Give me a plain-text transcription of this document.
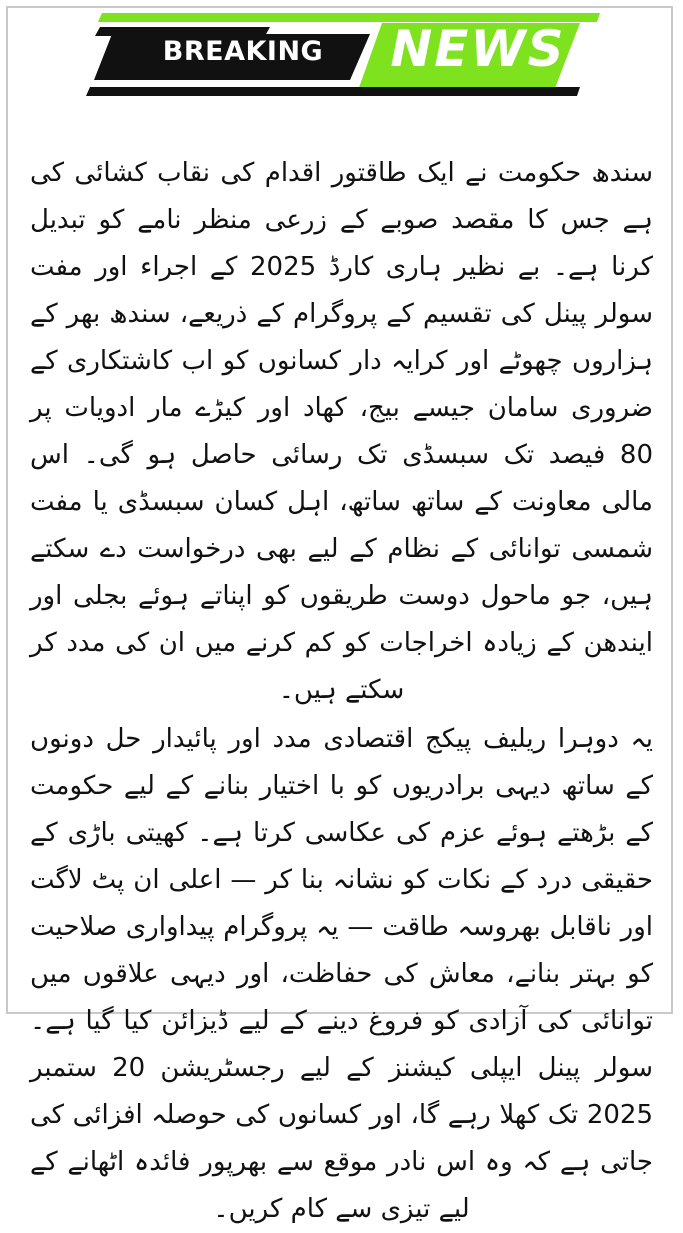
BREAKING	NEWS

سندھ حکومت نے ایک طاقتور اقدام کی نقاب کشائی کی ہے جس کا مقصد صوبے کے زرعی منظر نامے کو تبدیل کرنا ہے۔ بے نظیر ہاری کارڈ 2025 کے اجراء اور مفت سولر پینل کی تقسیم کے پروگرام کے ذریعے، سندھ بھر کے ہزاروں چھوٹے اور کرایہ دار کسانوں کو اب کاشتکاری کے ضروری سامان جیسے بیج، کھاد اور کیڑے مار ادویات پر 80 فیصد تک سبسڈی تک رسائی حاصل ہو گی۔ اس مالی معاونت کے ساتھ ساتھ، اہل کسان سبسڈی یا مفت شمسی توانائی کے نظام کے لیے بھی درخواست دے سکتے ہیں، جو ماحول دوست طریقوں کو اپناتے ہوئے بجلی اور ایندھن کے زیادہ اخراجات کو کم کرنے میں ان کی مدد کر سکتے ہیں۔

یہ دوہرا ریلیف پیکج اقتصادی مدد اور پائیدار حل دونوں کے ساتھ دیہی برادریوں کو با اختیار بنانے کے لیے حکومت کے بڑھتے ہوئے عزم کی عکاسی کرتا ہے۔ کھیتی باڑی کے حقیقی درد کے نکات کو نشانہ بنا کر — اعلی ان پٹ لاگت اور ناقابل بھروسہ طاقت — یہ پروگرام پیداواری صلاحیت کو بہتر بنانے، معاش کی حفاظت، اور دیہی علاقوں میں توانائی کی آزادی کو فروغ دینے کے لیے ڈیزائن کیا گیا ہے۔ سولر پینل ایپلی کیشنز کے لیے رجسٹریشن 20 ستمبر 2025 تک کھلا رہے گا، اور کسانوں کی حوصلہ افزائی کی جاتی ہے کہ وہ اس نادر موقع سے بھرپور فائدہ اٹھانے کے لیے تیزی سے کام کریں۔
